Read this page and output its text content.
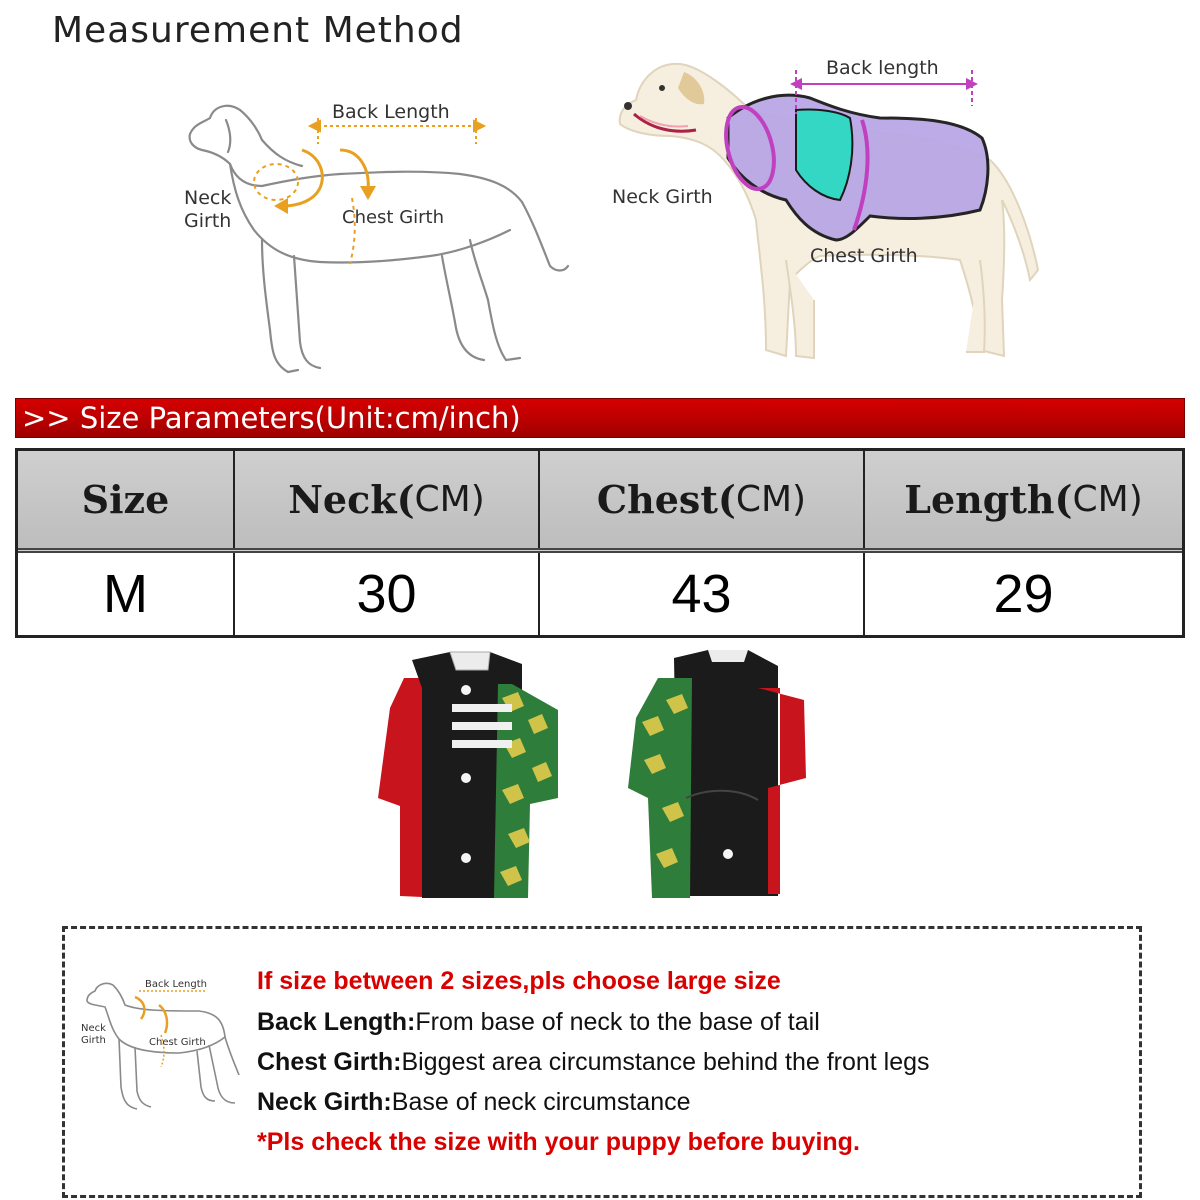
Measurement Method
Back Length
Neck
Girth	Chest Girth
Back length
Neck Girth
Chest Girth
>> Size Parameters(Unit:cm/inch)
Size	Neck( CM)	Chest( CM)	Length( CM)
M	30	43	29
Back Length
Neck
Girth	Chest Girth
If size between 2 sizes,pls choose large size
Back Length:From base of neck to the base of tail
Chest Girth:Biggest area circumstance behind the front legs
Neck Girth:Base of neck circumstance
*Pls check the size with your puppy before buying.
